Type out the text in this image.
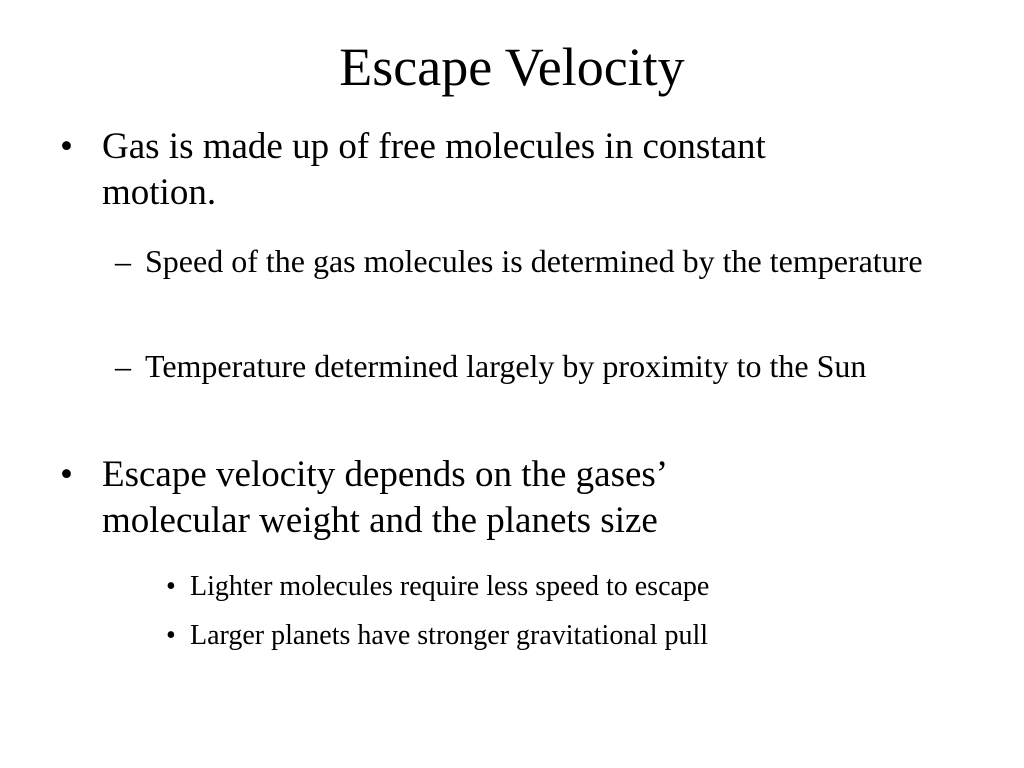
Escape Velocity
• Gas is made up of free molecules in constant motion.
– Speed of the gas molecules is determined by the temperature
– Temperature determined largely by proximity to the Sun
• Escape velocity depends on the gases’ molecular weight and the planets size
• Lighter molecules require less speed to escape
• Larger planets have stronger gravitational pull
